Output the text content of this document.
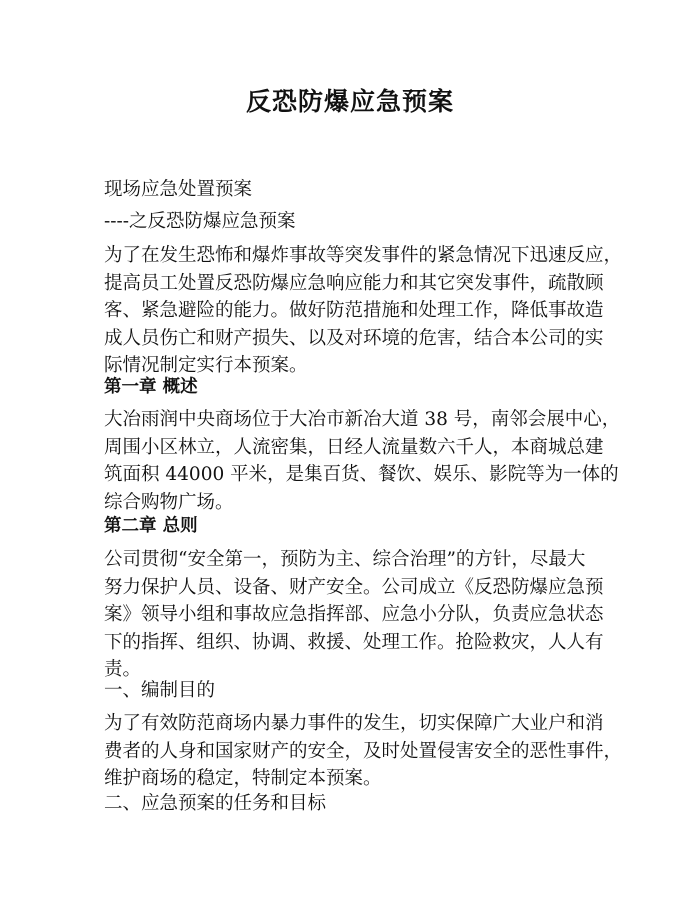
反恐防爆应急预案

现场应急处置预案

----之反恐防爆应急预案

为了在发生恐怖和爆炸事故等突发事件的紧急情况下迅速反应，

提高员工处置反恐防爆应急响应能力和其它突发事件，疏散顾

客、紧急避险的能力。做好防范措施和处理工作，降低事故造

成人员伤亡和财产损失、以及对环境的危害，结合本公司的实

际情况制定实行本预案。

第一章 概述

大冶雨润中央商场位于大冶市新冶大道 38 号，南邻会展中心，

周围小区林立，人流密集，日经人流量数六千人，本商城总建

筑面积 44000 平米，是集百货、餐饮、娱乐、影院等为一体的

综合购物广场。

第二章 总则

公司贯彻“安全第一，预防为主、综合治理”的方针，尽最大

努力保护人员、设备、财产安全。公司成立《反恐防爆应急预

案》领导小组和事故应急指挥部、应急小分队，负责应急状态

下的指挥、组织、协调、救援、处理工作。抢险救灾，人人有

责。

一、编制目的

为了有效防范商场内暴力事件的发生，切实保障广大业户和消

费者的人身和国家财产的安全，及时处置侵害安全的恶性事件，

维护商场的稳定，特制定本预案。

二、应急预案的任务和目标
